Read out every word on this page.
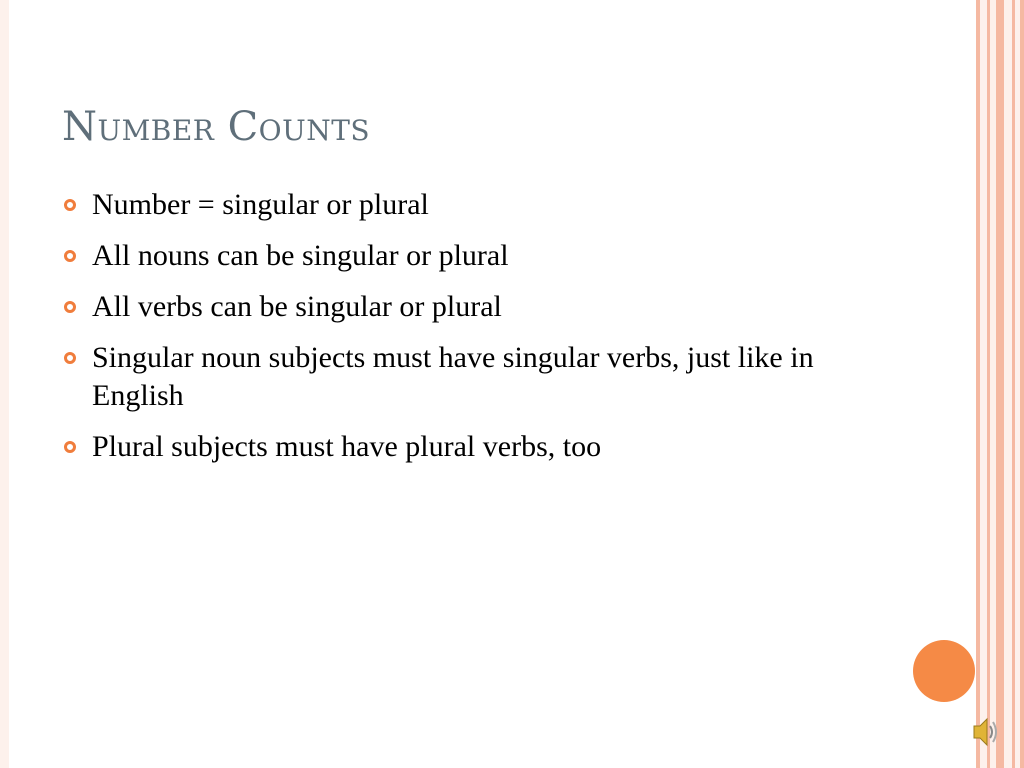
Number Counts
Number = singular or plural
All nouns can be singular or plural
All verbs can be singular or plural
Singular noun subjects must have singular verbs, just like in English
Plural subjects must have plural verbs, too
